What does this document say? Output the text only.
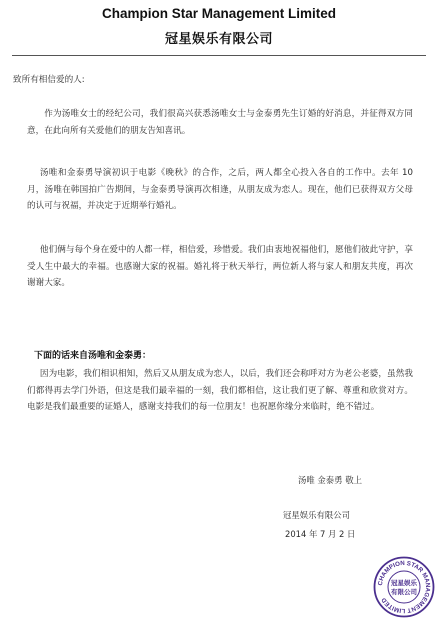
Champion Star Management Limited
冠星娱乐有限公司
致所有相信爱的人:

作为汤唯女士的经纪公司，我们很高兴获悉汤唯女士与金泰勇先生订婚的好消息，并征得双方同意，在此向所有关爱他们的朋友告知喜讯。

汤唯和金泰勇导演初识于电影《晚秋》的合作，之后，两人都全心投入各自的工作中。去年 10 月，汤唯在韩国拍广告期间，与金泰勇导演再次相逢，从朋友成为恋人。现在，他们已获得双方父母的认可与祝福，并决定于近期举行婚礼。

他们俩与每个身在爱中的人都一样，相信爱，珍惜爱。我们由衷地祝福他们，愿他们彼此守护，享受人生中最大的幸福。也感谢大家的祝福。婚礼将于秋天举行，两位新人将与家人和朋友共度，再次谢谢大家。

下面的话来自汤唯和金泰勇：

因为电影，我们相识相知，然后又从朋友成为恋人，以后，我们还会称呼对方为老公老婆，虽然我们都得再去学门外语，但这是我们最幸福的一刻，我们都相信，这让我们更了解、尊重和欣赏对方。电影是我们最重要的证婚人，感谢支持我们的每一位朋友！也祝愿你缘分来临时，绝不错过。

汤唯 金泰勇 敬上
冠星娱乐有限公司
2014 年 7 月 2 日
CHAMPION STAR MANAGEMENT LIMITED
冠星娱乐
有限公司
